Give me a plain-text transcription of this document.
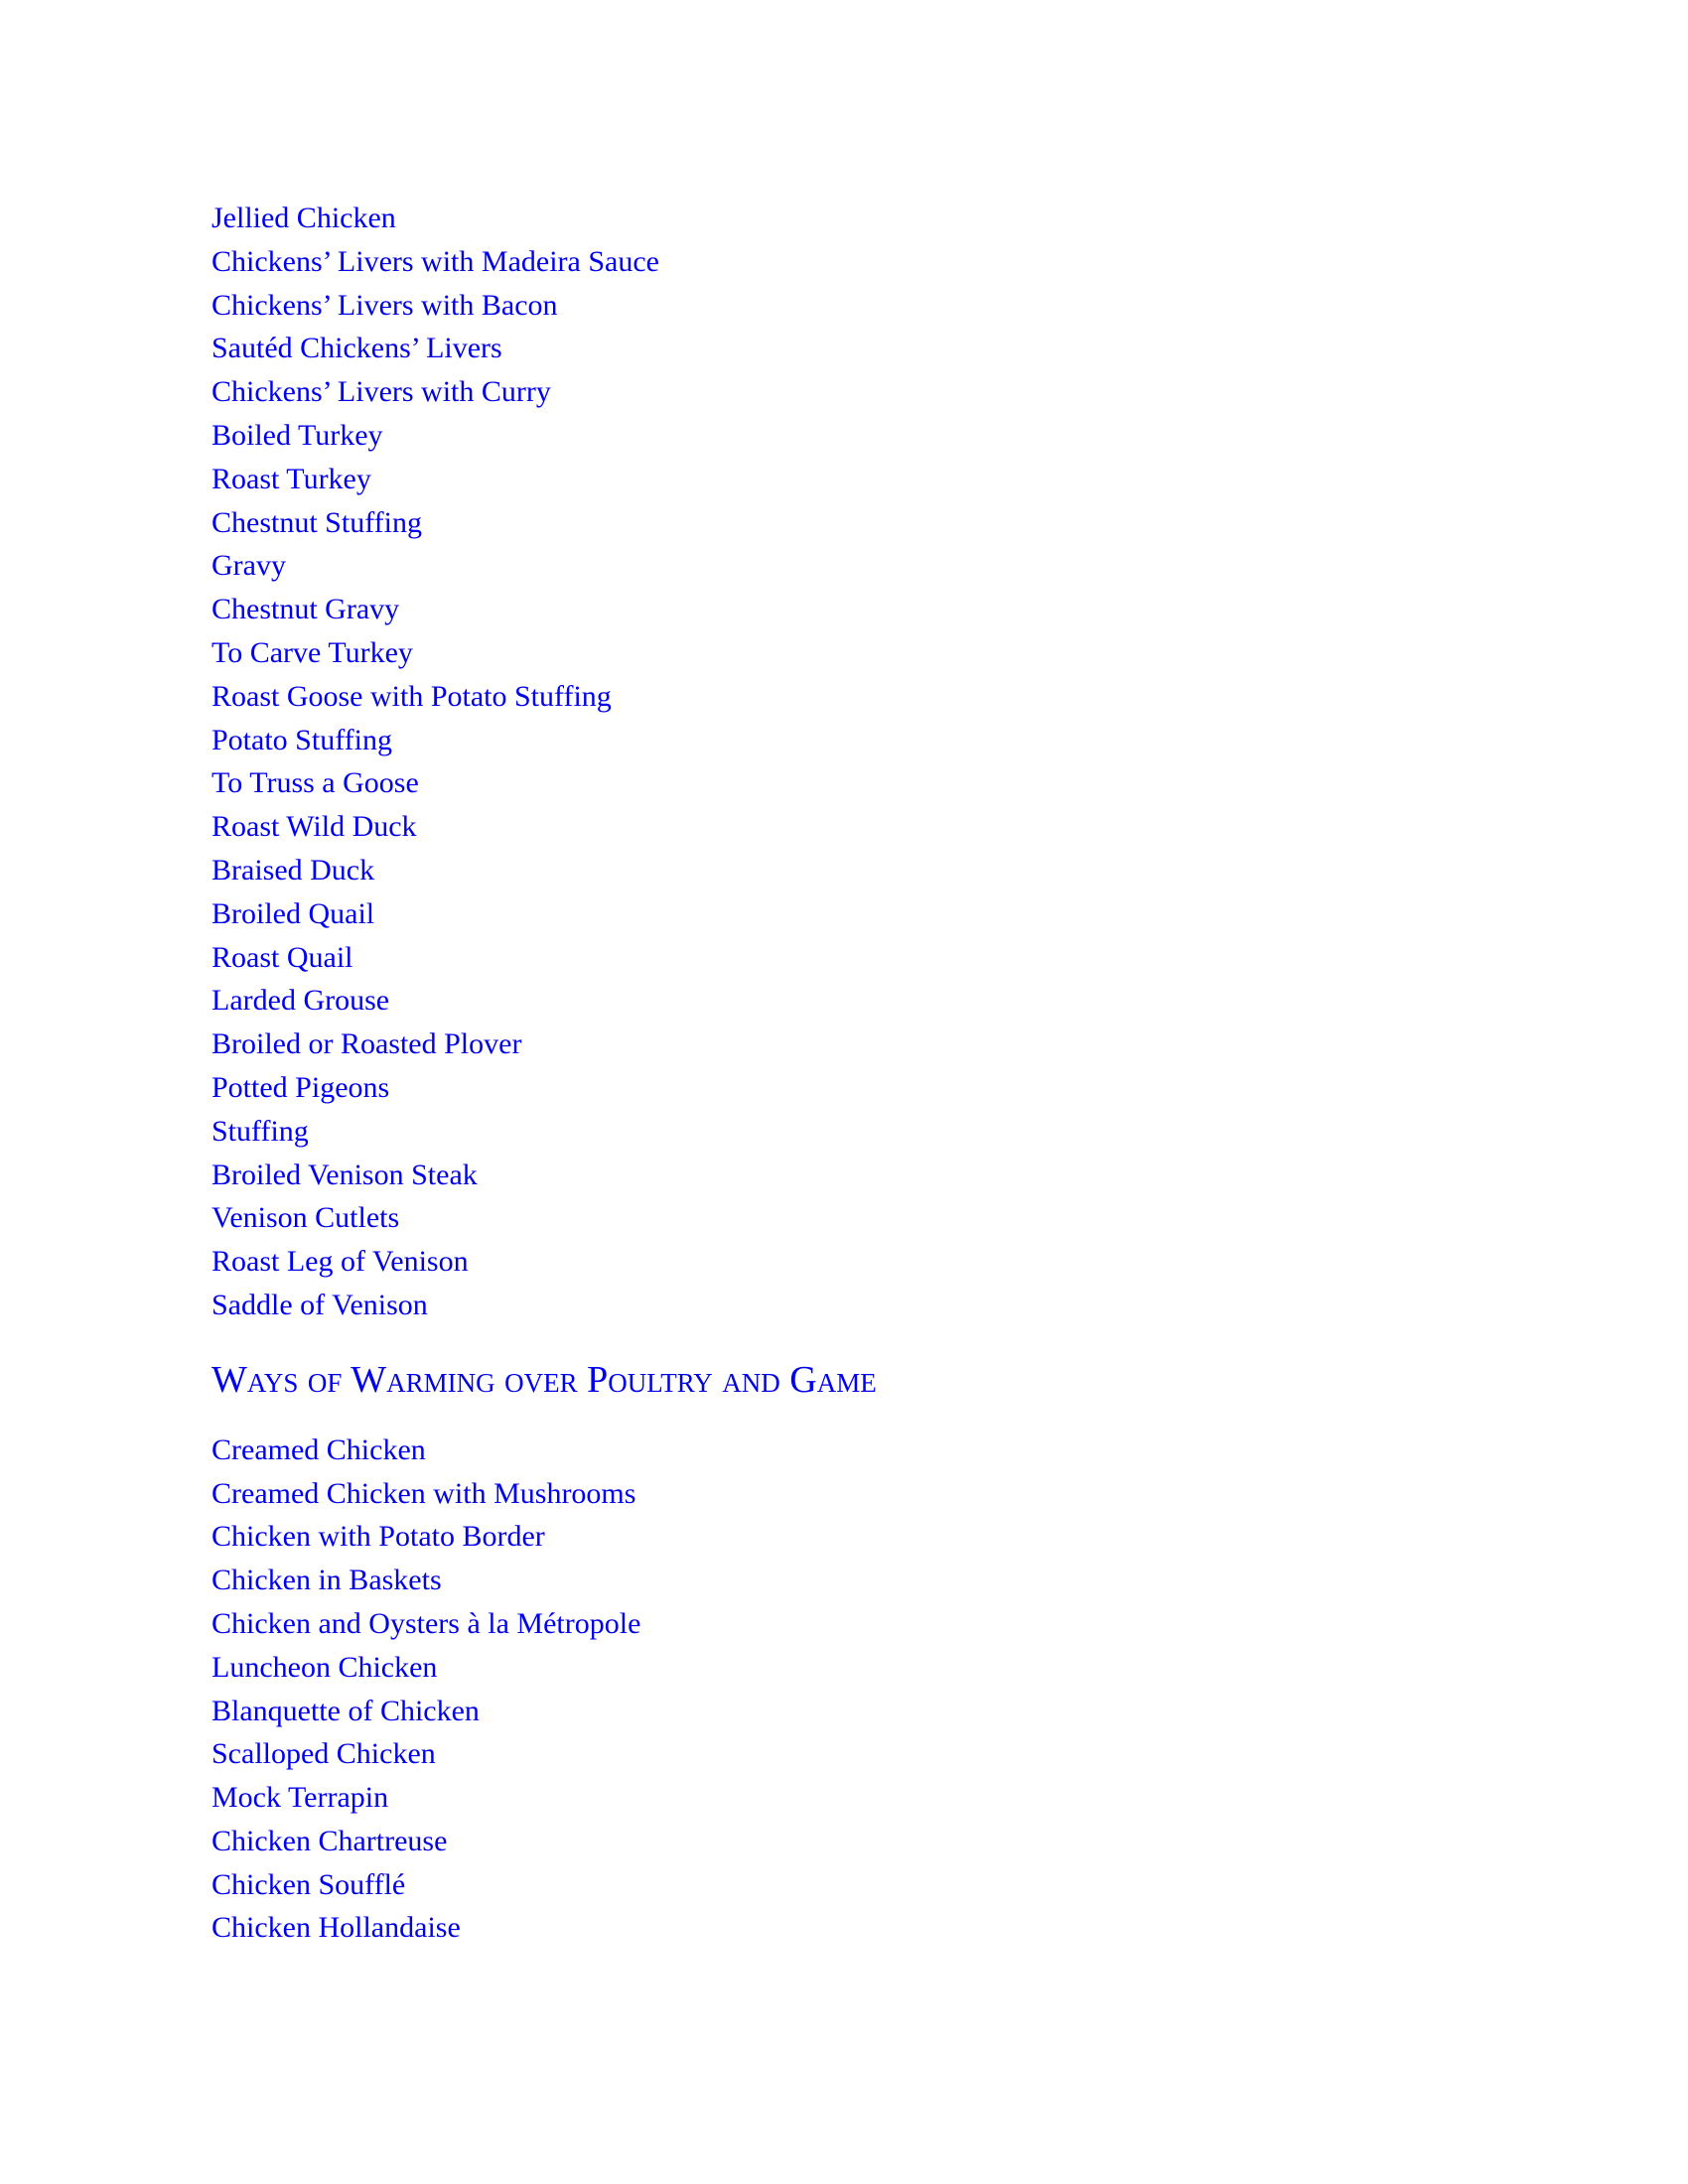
Jellied Chicken
Chickens’ Livers with Madeira Sauce
Chickens’ Livers with Bacon
Sautéd Chickens’ Livers
Chickens’ Livers with Curry
Boiled Turkey
Roast Turkey
Chestnut Stuffing
Gravy
Chestnut Gravy
To Carve Turkey
Roast Goose with Potato Stuffing
Potato Stuffing
To Truss a Goose
Roast Wild Duck
Braised Duck
Broiled Quail
Roast Quail
Larded Grouse
Broiled or Roasted Plover
Potted Pigeons
Stuffing
Broiled Venison Steak
Venison Cutlets
Roast Leg of Venison
Saddle of Venison
Ways of Warming over Poultry and Game
Creamed Chicken
Creamed Chicken with Mushrooms
Chicken with Potato Border
Chicken in Baskets
Chicken and Oysters à la Métropole
Luncheon Chicken
Blanquette of Chicken
Scalloped Chicken
Mock Terrapin
Chicken Chartreuse
Chicken Soufflé
Chicken Hollandaise
